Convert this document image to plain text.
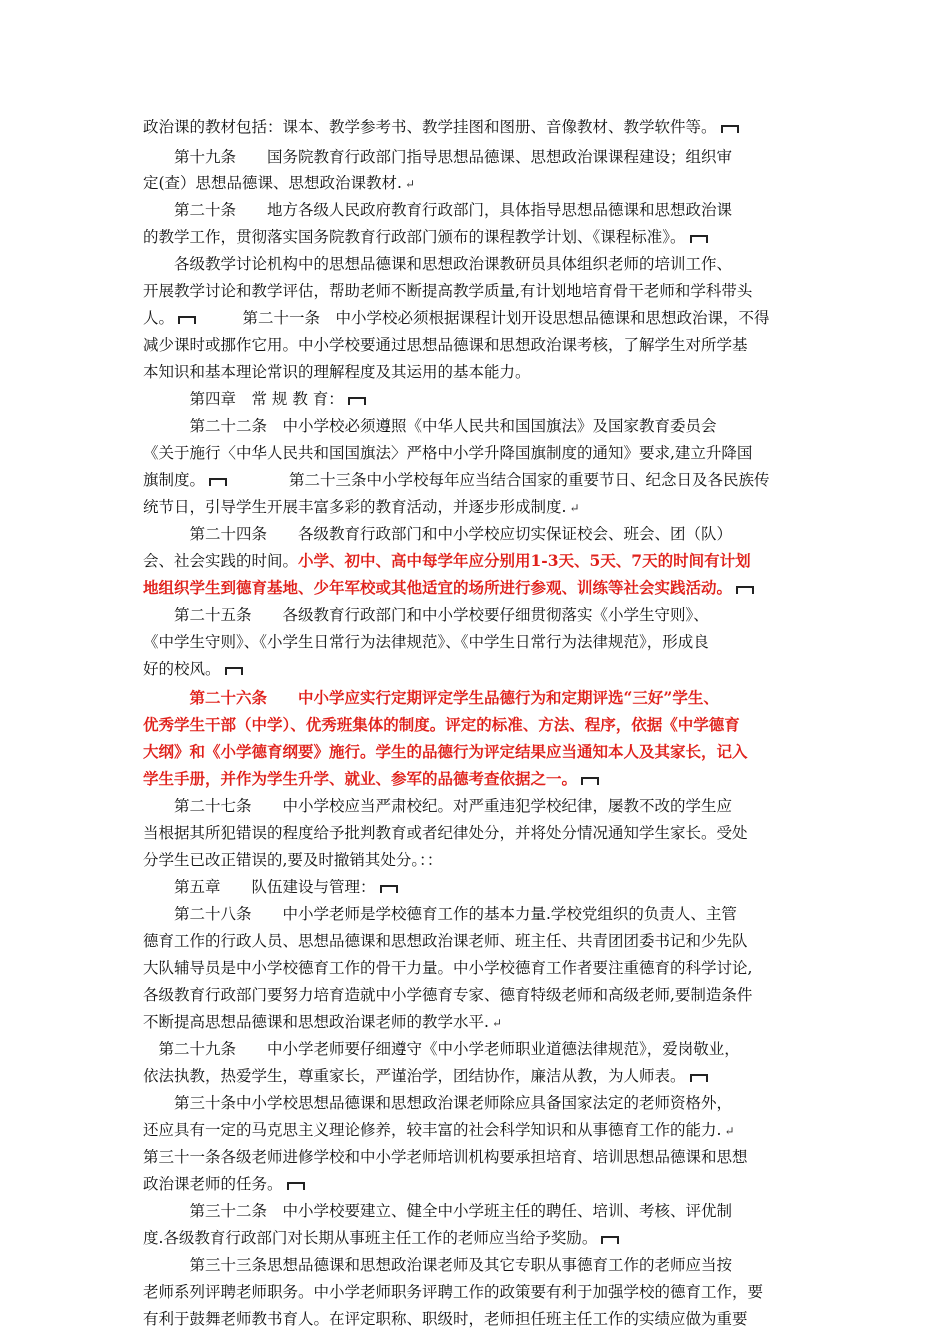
政治课的教材包括：课本、教学参考书、教学挂图和图册、音像教材、教学软件等。
　　第十九条　　国务院教育行政部门指导思想品德课、思想政治课课程建设；组织审
定(查）思想品德课、思想政治课教材. ↵
　　第二十条　　地方各级人民政府教育行政部门，具体指导思想品德课和思想政治课
的教学工作，贯彻落实国务院教育行政部门颁布的课程教学计划、《课程标准》。
　　各级教学讨论机构中的思想品德课和思想政治课教研员具体组织老师的培训工作、
开展教学讨论和教学评估，帮助老师不断提高教学质量,有计划地培育骨干老师和学科带头
人。　　　第二十一条　中小学校必须根据课程计划开设思想品德课和思想政治课，不得
减少课时或挪作它用。中小学校要通过思想品德课和思想政治课考核，了解学生对所学基
本知识和基本理论常识的理解程度及其运用的基本能力。
　　　第四章　常 规 教 育：
　　　第二十二条　中小学校必须遵照《中华人民共和国国旗法》及国家教育委员会
《关于施行〈中华人民共和国国旗法〉严格中小学升降国旗制度的通知》要求,建立升降国
旗制度。　　　　第二十三条中小学校每年应当结合国家的重要节日、纪念日及各民族传
统节日，引导学生开展丰富多彩的教育活动，并逐步形成制度. ↵
　　　第二十四条　　各级教育行政部门和中小学校应切实保证校会、班会、团（队）
会、社会实践的时间。小学、初中、高中每学年应分别用1-3天、5天、7天的时间有计划
地组织学生到德育基地、少年军校或其他适宜的场所进行参观、训练等社会实践活动。
　　第二十五条　　各级教育行政部门和中小学校要仔细贯彻落实《小学生守则》、
《中学生守则》、《小学生日常行为法律规范》、《中学生日常行为法律规范》，形成良
好的校风。
　　　第二十六条　　中小学应实行定期评定学生品德行为和定期评选“三好”学生、
优秀学生干部（中学）、优秀班集体的制度。评定的标准、方法、程序，依据《中学德育
大纲》和《小学德育纲要》施行。学生的品德行为评定结果应当通知本人及其家长，记入
学生手册，并作为学生升学、就业、参军的品德考查依据之一。
　　第二十七条　　中小学校应当严肃校纪。对严重违犯学校纪律，屡教不改的学生应
当根据其所犯错误的程度给予批判教育或者纪律处分，并将处分情况通知学生家长。受处
分学生已改正错误的,要及时撤销其处分。：：
　　第五章　　队伍建设与管理：
　　第二十八条　　中小学老师是学校德育工作的基本力量.学校党组织的负责人、主管
德育工作的行政人员、思想品德课和思想政治课老师、班主任、共青团团委书记和少先队
大队辅导员是中小学校德育工作的骨干力量。中小学校德育工作者要注重德育的科学讨论,
各级教育行政部门要努力培育造就中小学德育专家、德育特级老师和高级老师,要制造条件
不断提高思想品德课和思想政治课老师的教学水平. ↵
　第二十九条　　中小学老师要仔细遵守《中小学老师职业道德法律规范》，爱岗敬业，
依法执教，热爱学生，尊重家长，严谨治学，团结协作，廉洁从教，为人师表。
　　第三十条中小学校思想品德课和思想政治课老师除应具备国家法定的老师资格外，
还应具有一定的马克思主义理论修养，较丰富的社会科学知识和从事德育工作的能力. ↵
第三十一条各级老师进修学校和中小学老师培训机构要承担培育、培训思想品德课和思想
政治课老师的任务。
　　　第三十二条　中小学校要建立、健全中小学班主任的聘任、培训、考核、评优制
度.各级教育行政部门对长期从事班主任工作的老师应当给予奖励。
　　　第三十三条思想品德课和思想政治课老师及其它专职从事德育工作的老师应当按
老师系列评聘老师职务。中小学老师职务评聘工作的政策要有利于加强学校的德育工作，要
有利于鼓舞老师教书育人。在评定职称、职级时，老师担任班主任工作的实绩应做为重要
